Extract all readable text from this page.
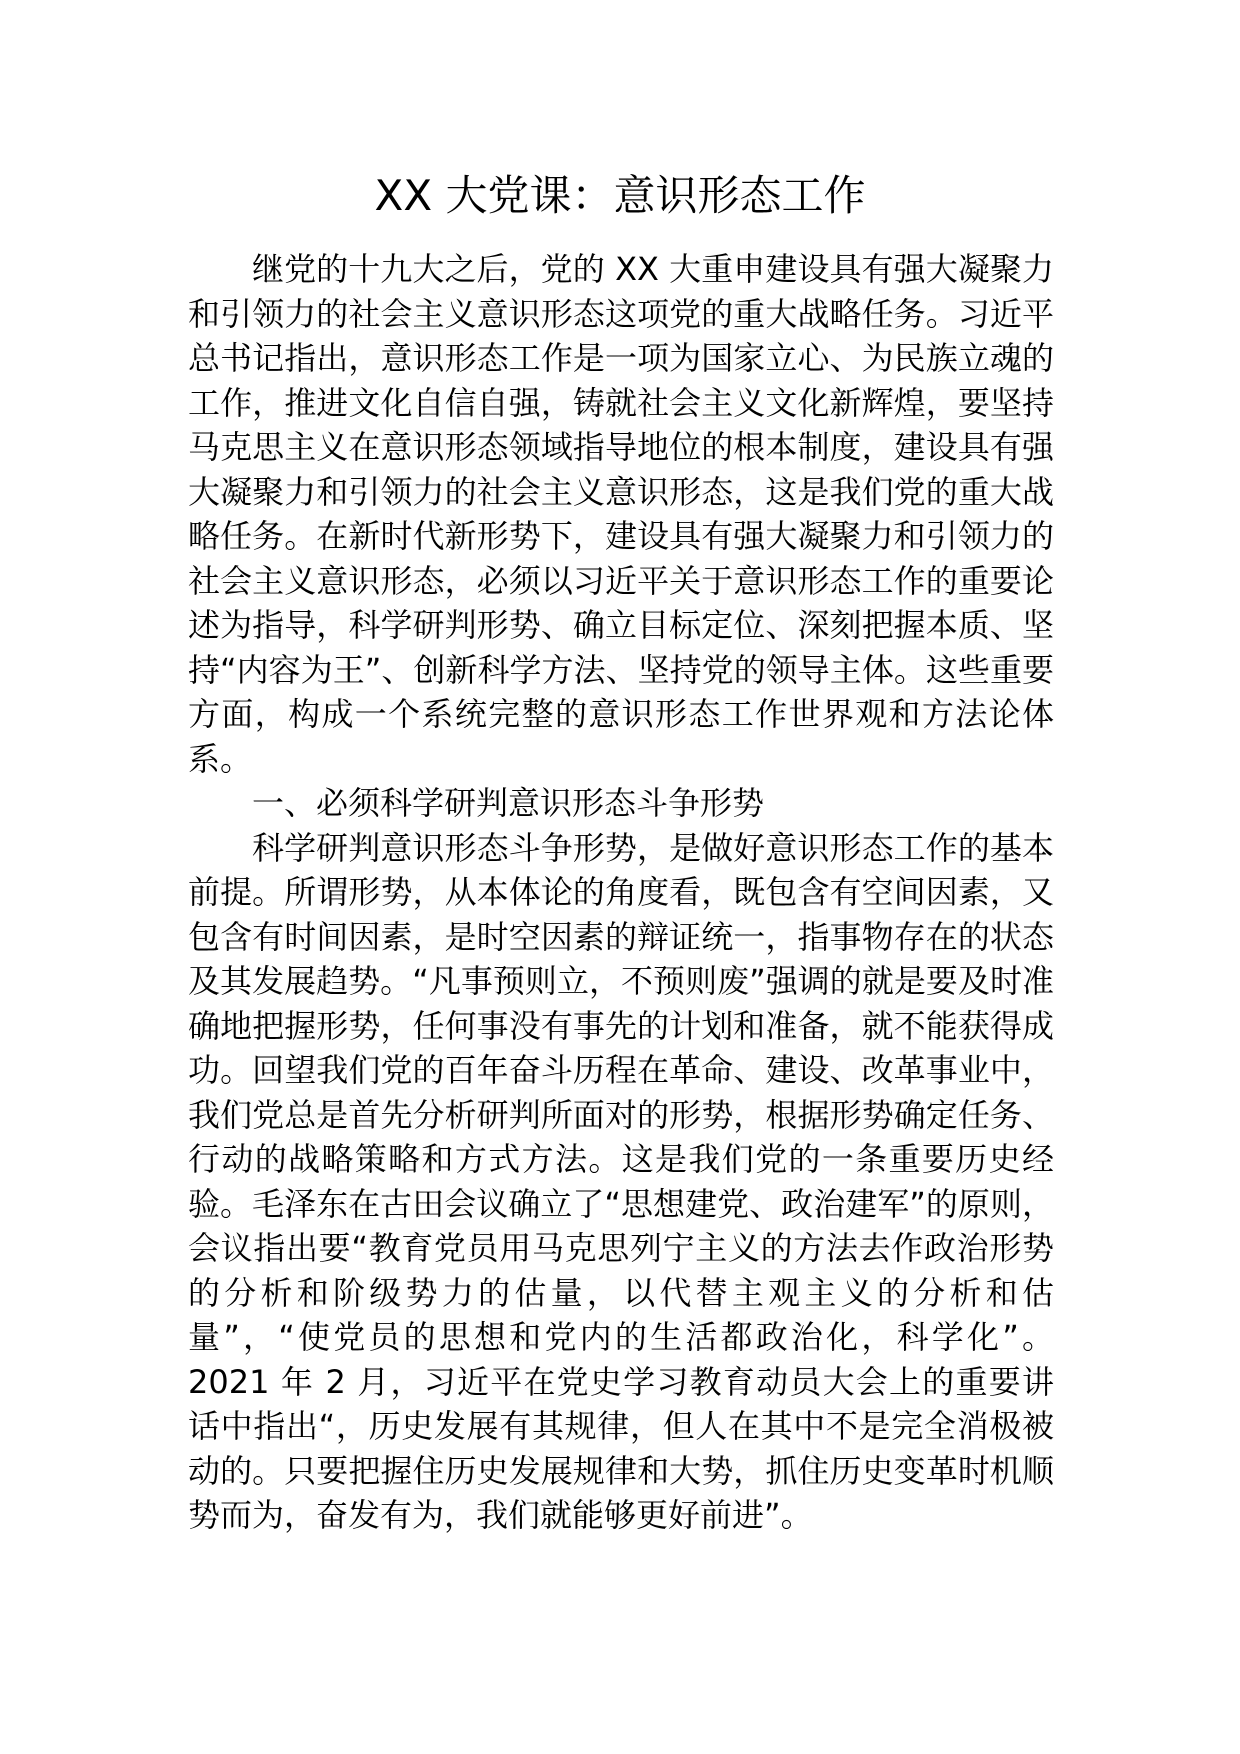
XX 大党课：意识形态工作

继党的十九大之后，党的 XX 大重申建设具有强大凝聚力和引领力的社会主义意识形态这项党的重大战略任务。习近平总书记指出，意识形态工作是一项为国家立心、为民族立魂的工作，推进文化自信自强，铸就社会主义文化新辉煌，要坚持马克思主义在意识形态领域指导地位的根本制度，建设具有强大凝聚力和引领力的社会主义意识形态，这是我们党的重大战略任务。在新时代新形势下，建设具有强大凝聚力和引领力的社会主义意识形态，必须以习近平关于意识形态工作的重要论述为指导，科学研判形势、确立目标定位、深刻把握本质、坚持“内容为王”、创新科学方法、坚持党的领导主体。这些重要方面，构成一个系统完整的意识形态工作世界观和方法论体系。

一、必须科学研判意识形态斗争形势

科学研判意识形态斗争形势，是做好意识形态工作的基本前提。所谓形势，从本体论的角度看，既包含有空间因素，又包含有时间因素，是时空因素的辩证统一，指事物存在的状态及其发展趋势。“凡事预则立，不预则废”强调的就是要及时准确地把握形势，任何事没有事先的计划和准备，就不能获得成功。回望我们党的百年奋斗历程在革命、建设、改革事业中，我们党总是首先分析研判所面对的形势，根据形势确定任务、行动的战略策略和方式方法。这是我们党的一条重要历史经验。毛泽东在古田会议确立了“思想建党、政治建军”的原则，会议指出要“教育党员用马克思列宁主义的方法去作政治形势的分析和阶级势力的估量，以代替主观主义的分析和估量”，“使党员的思想和党内的生活都政治化，科学化”。2021 年 2 月，习近平在党史学习教育动员大会上的重要讲话中指出“，历史发展有其规律，但人在其中不是完全消极被动的。只要把握住历史发展规律和大势，抓住历史变革时机顺势而为，奋发有为，我们就能够更好前进”。
